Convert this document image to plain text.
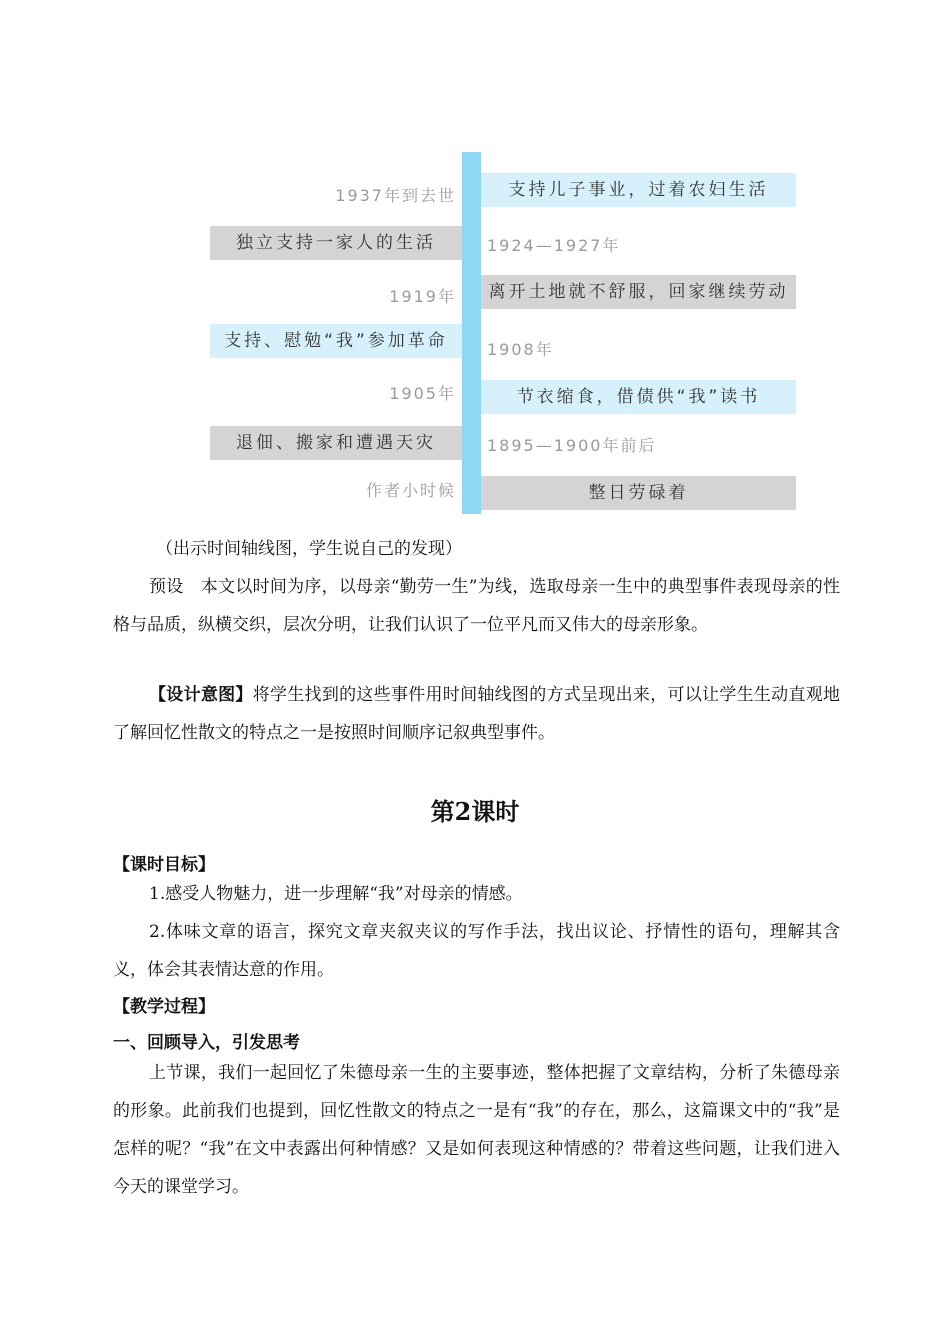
1937年到去世	支持儿子事业，过着农妇生活
独立支持一家人的生活	1924—1927年
1919年	离开土地就不舒服，回家继续劳动
支持、慰勉“我”参加革命	1908年
1905年	节衣缩食，借债供“我”读书
退佃、搬家和遭遇天灾	1895—1900年前后
作者小时候	整日劳碌着

（出示时间轴线图，学生说自己的发现）

预设　本文以时间为序，以母亲“勤劳一生”为线，选取母亲一生中的典型事件表现母亲的性格与品质，纵横交织，层次分明，让我们认识了一位平凡而又伟大的母亲形象。

【设计意图】将学生找到的这些事件用时间轴线图的方式呈现出来，可以让学生生动直观地了解回忆性散文的特点之一是按照时间顺序记叙典型事件。

第2课时

【课时目标】

1.感受人物魅力，进一步理解“我”对母亲的情感。

2.体味文章的语言，探究文章夹叙夹议的写作手法，找出议论、抒情性的语句，理解其含义，体会其表情达意的作用。

【教学过程】

一、回顾导入，引发思考

上节课，我们一起回忆了朱德母亲一生的主要事迹，整体把握了文章结构，分析了朱德母亲的形象。此前我们也提到，回忆性散文的特点之一是有“我”的存在，那么，这篇课文中的“我”是怎样的呢？“我”在文中表露出何种情感？又是如何表现这种情感的？带着这些问题，让我们进入今天的课堂学习。
